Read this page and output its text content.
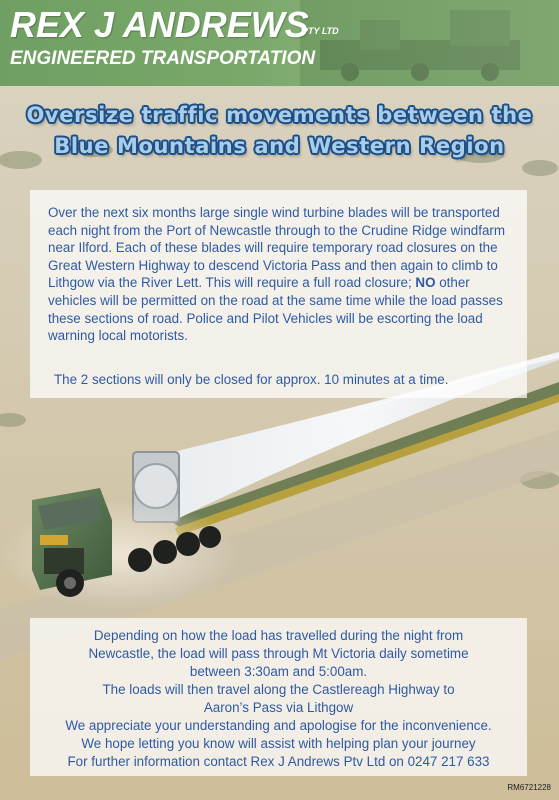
REX J ANDREWS
PTY LTD
ENGINEERED TRANSPORTATION
Oversize traffic movements between the
Blue Mountains and Western Region

Over the next six months large single wind turbine blades will be transported each night from the Port of Newcastle through to the Crudine Ridge windfarm near Ilford. Each of these blades will require temporary road closures on the Great Western Highway to descend Victoria Pass and then again to climb to Lithgow via the River Lett. This will require a full road closure; NO other vehicles will be permitted on the road at the same time while the load passes these sections of road. Police and Pilot Vehicles will be escorting the load warning local motorists.

The 2 sections will only be closed for approx. 10 minutes at a time.
Depending on how the load has travelled during the night from
Newcastle, the load will pass through Mt Victoria daily sometime
between 3:30am and 5:00am.
The loads will then travel along the Castlereagh Highway to
Aaron’s Pass via Lithgow
We appreciate your understanding and apologise for the inconvenience.
We hope letting you know will assist with helping plan your journey
For further information contact Rex J Andrews Ptv Ltd on 0247 217 633
RM6721228
